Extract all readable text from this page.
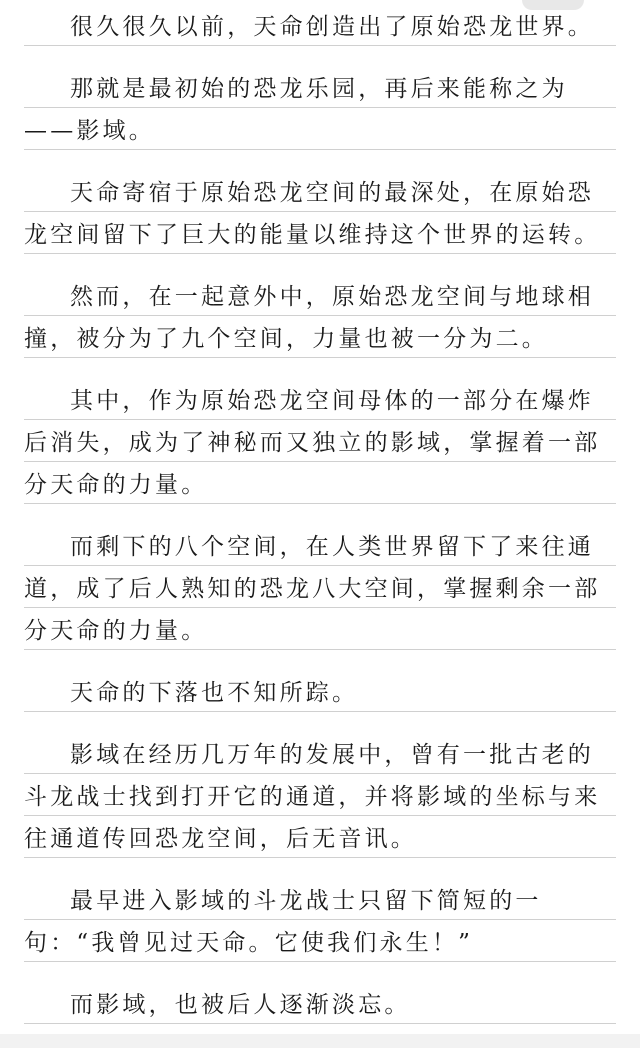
很久很久以前，天命创造出了原始恐龙世界。

那就是最初始的恐龙乐园，再后来能称之为——影域。

天命寄宿于原始恐龙空间的最深处，在原始恐龙空间留下了巨大的能量以维持这个世界的运转。

然而，在一起意外中，原始恐龙空间与地球相撞，被分为了九个空间，力量也被一分为二。

其中，作为原始恐龙空间母体的一部分在爆炸后消失，成为了神秘而又独立的影域，掌握着一部分天命的力量。

而剩下的八个空间，在人类世界留下了来往通道，成了后人熟知的恐龙八大空间，掌握剩余一部分天命的力量。

天命的下落也不知所踪。

影域在经历几万年的发展中，曾有一批古老的斗龙战士找到打开它的通道，并将影域的坐标与来往通道传回恐龙空间，后无音讯。

最早进入影域的斗龙战士只留下简短的一句：“我曾见过天命。它使我们永生！”

而影域，也被后人逐渐淡忘。
